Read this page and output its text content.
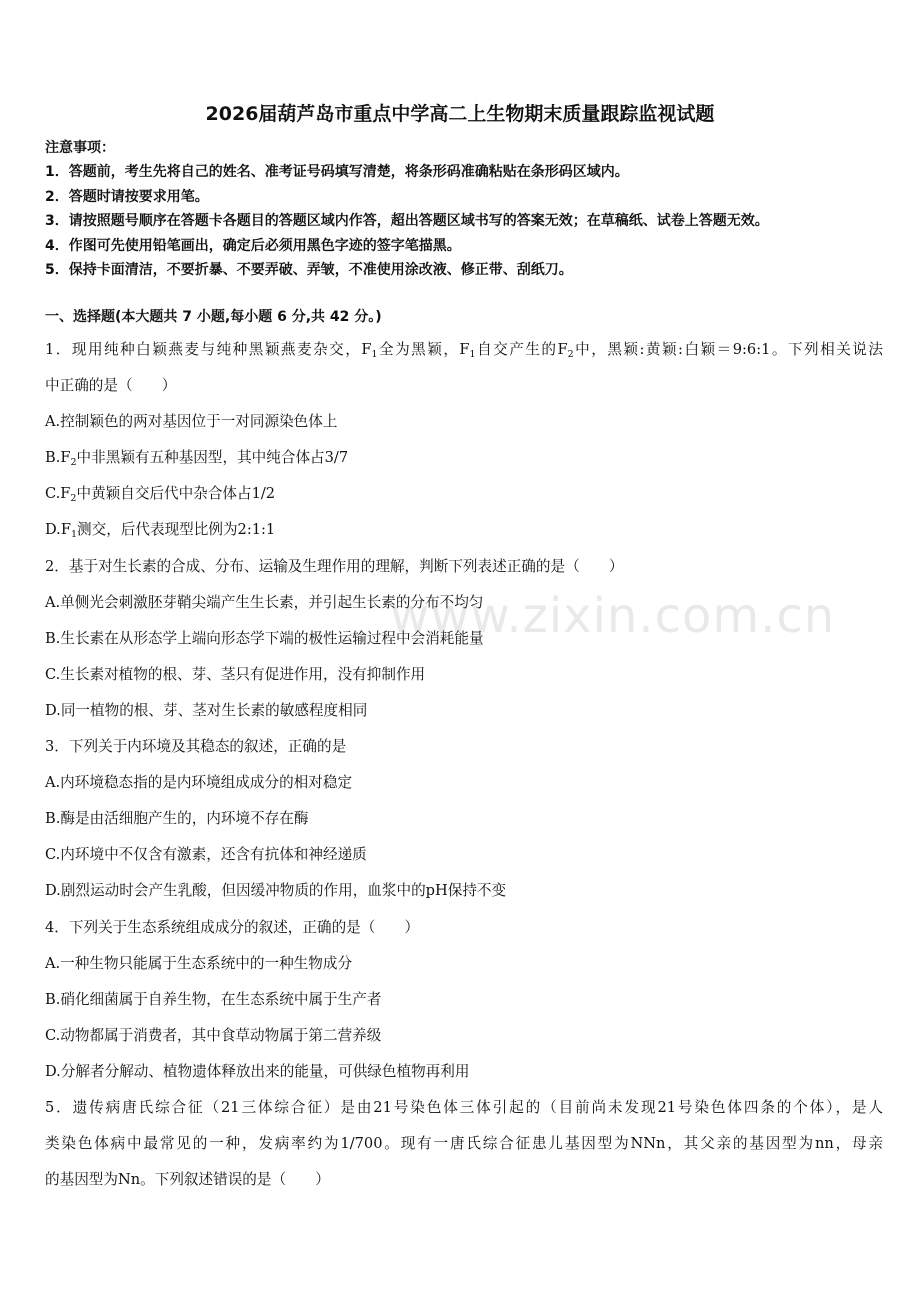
2026届葫芦岛市重点中学高二上生物期末质量跟踪监视试题
注意事项：
1．答题前，考生先将自己的姓名、准考证号码填写清楚，将条形码准确粘贴在条形码区域内。
2．答题时请按要求用笔。
3．请按照题号顺序在答题卡各题目的答题区域内作答，超出答题区域书写的答案无效；在草稿纸、试卷上答题无效。
4．作图可先使用铅笔画出，确定后必须用黑色字迹的签字笔描黑。
5．保持卡面清洁，不要折暴、不要弄破、弄皱，不准使用涂改液、修正带、刮纸刀。
一、选择题(本大题共 7 小题,每小题 6 分,共 42 分。)
1．现用纯种白颖燕麦与纯种黑颖燕麦杂交，$F_1$全为黑颖，$F_1$自交产生的$F_2$中，黑颖:黄颖:白颖＝9:6:1。下列相关说法
中正确的是（　　）
A.控制颖色的两对基因位于一对同源染色体上
$B.F_2$中非黑颖有五种基因型，其中纯合体占3/7
$C.F_2$中黄颖自交后代中杂合体占1/2
$D.F_1$测交，后代表现型比例为2:1:1
2．基于对生长素的合成、分布、运输及生理作用的理解，判断下列表述正确的是（　　）
A.单侧光会刺激胚芽鞘尖端产生生长素，并引起生长素的分布不均匀
B.生长素在从形态学上端向形态学下端的极性运输过程中会消耗能量
C.生长素对植物的根、芽、茎只有促进作用，没有抑制作用
D.同一植物的根、芽、茎对生长素的敏感程度相同
3．下列关于内环境及其稳态的叙述，正确的是
A.内环境稳态指的是内环境组成成分的相对稳定
B.酶是由活细胞产生的，内环境不存在酶
C.内环境中不仅含有激素，还含有抗体和神经递质
D.剧烈运动时会产生乳酸，但因缓冲物质的作用，血浆中的pH保持不变
4．下列关于生态系统组成成分的叙述，正确的是（　　）
A.一种生物只能属于生态系统中的一种生物成分
B.硝化细菌属于自养生物，在生态系统中属于生产者
C.动物都属于消费者，其中食草动物属于第二营养级
D.分解者分解动、植物遗体释放出来的能量，可供绿色植物再利用
5．遗传病唐氏综合征（21三体综合征）是由21号染色体三体引起的（目前尚未发现21号染色体四条的个体），是人
类染色体病中最常见的一种，发病率约为1/700。现有一唐氏综合征患儿基因型为NNn，其父亲的基因型为nn，母亲
的基因型为Nn。下列叙述错误的是（　　）
www.zixin.com.cn
